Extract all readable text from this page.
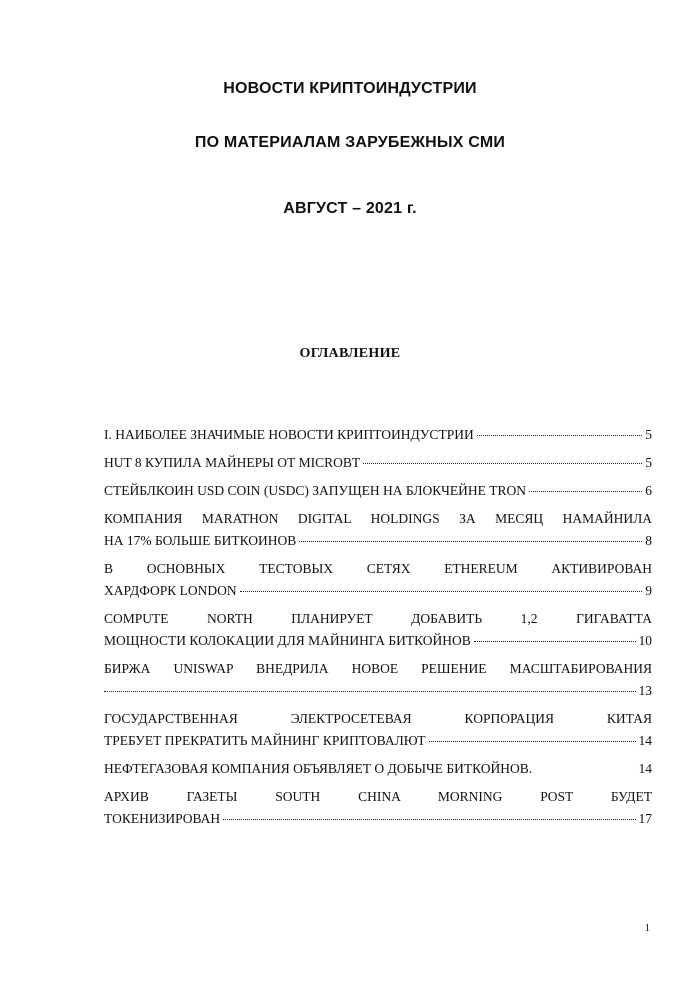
НОВОСТИ КРИПТОИНДУСТРИИ
ПО МАТЕРИАЛАМ ЗАРУБЕЖНЫХ СМИ
АВГУСТ – 2021 г.
ОГЛАВЛЕНИЕ
I. НАИБОЛЕЕ ЗНАЧИМЫЕ НОВОСТИ КРИПТОИНДУСТРИИ	5
HUT 8 КУПИЛА МАЙНЕРЫ ОТ MICROBT	5
СТЕЙБЛКОИН USD COIN (USDC) ЗАПУЩЕН НА БЛОКЧЕЙНЕ TRON	6
КОМПАНИЯ MARATHON DIGITAL HOLDINGS ЗА МЕСЯЦ НАМАЙНИЛА
НА 17% БОЛЬШЕ БИТКОИНОВ	8
В ОСНОВНЫХ ТЕСТОВЫХ СЕТЯХ ETHEREUM АКТИВИРОВАН
ХАРДФОРК LONDON	9
COMPUTE NORTH ПЛАНИРУЕТ ДОБАВИТЬ 1,2 ГИГАВАТТА
МОЩНОСТИ КОЛОКАЦИИ ДЛЯ МАЙНИНГА БИТКОЙНОВ	10
БИРЖА UNISWAP ВНЕДРИЛА НОВОЕ РЕШЕНИЕ МАСШТАБИРОВАНИЯ
13
ГОСУДАРСТВЕННАЯ ЭЛЕКТРОСЕТЕВАЯ КОРПОРАЦИЯ КИТАЯ
ТРЕБУЕТ ПРЕКРАТИТЬ МАЙНИНГ КРИПТОВАЛЮТ	14
НЕФТЕГАЗОВАЯ КОМПАНИЯ ОБЪЯВЛЯЕТ О ДОБЫЧЕ БИТКОЙНОВ.	14
АРХИВ ГАЗЕТЫ SOUTH CHINA MORNING POST БУДЕТ
ТОКЕНИЗИРОВАН	17
1
